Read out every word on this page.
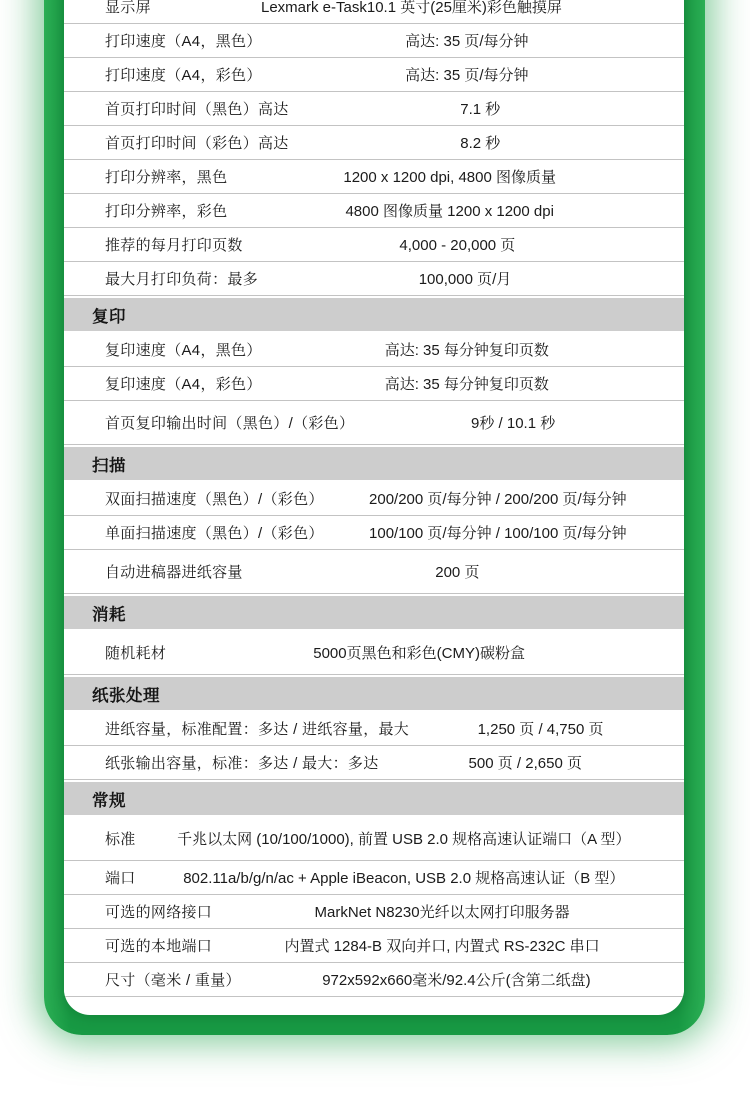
显示屏	Lexmark e-Task10.1 英寸(25厘米)彩色触摸屏
打印速度（A4，黑色）	高达: 35 页/每分钟
打印速度（A4，彩色）	高达: 35 页/每分钟
首页打印时间（黑色）高达	7.1 秒
首页打印时间（彩色）高达	8.2 秒
打印分辨率，黑色	1200 x 1200 dpi, 4800 图像质量
打印分辨率，彩色	4800 图像质量 1200 x 1200 dpi
推荐的每月打印页数	4,000 - 20,000 页
最大月打印负荷：最多	100,000 页/月
复印
复印速度（A4，黑色）	高达: 35 每分钟复印页数
复印速度（A4，彩色）	高达: 35 每分钟复印页数
首页复印输出时间（黑色）/（彩色）	9秒 / 10.1 秒
扫描
双面扫描速度（黑色）/（彩色）	200/200 页/每分钟 / 200/200 页/每分钟
单面扫描速度（黑色）/（彩色）	100/100 页/每分钟 / 100/100 页/每分钟
自动进稿器进纸容量	200 页
消耗
随机耗材	5000页黑色和彩色(CMY)碳粉盒
纸张处理
进纸容量，标准配置：多达 / 进纸容量，最大	1,250 页 / 4,750 页
纸张输出容量，标准：多达 / 最大：多达	500 页 / 2,650 页
常规
标准	千兆以太网 (10/100/1000), 前置 USB 2.0 规格高速认证端口（A 型）
端口	802.11a/b/g/n/ac + Apple iBeacon, USB 2.0 规格高速认证（B 型）
可选的网络接口	MarkNet N8230光纤以太网打印服务器
可选的本地端口	内置式 1284-B 双向并口, 内置式 RS-232C 串口
尺寸（毫米 / 重量）	972x592x660毫米/92.4公斤(含第二纸盘)
